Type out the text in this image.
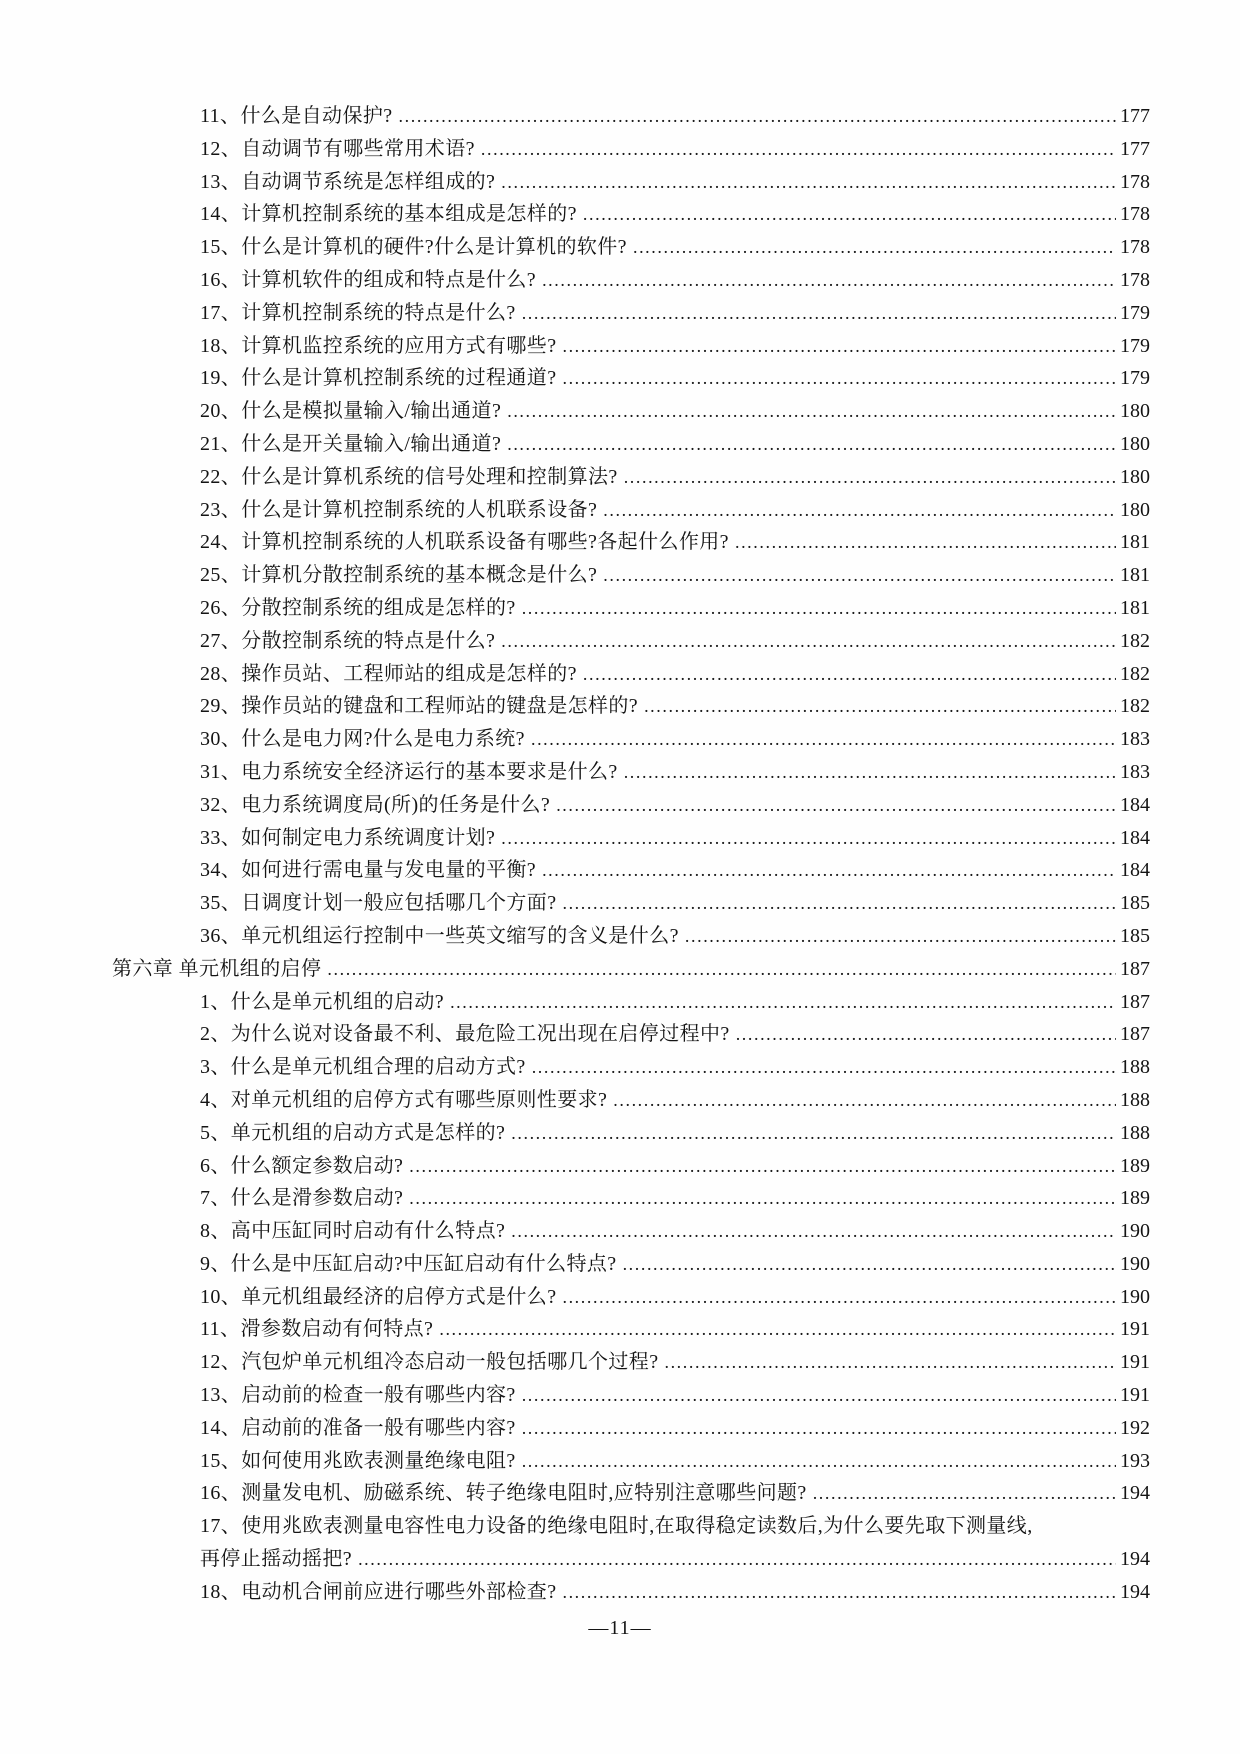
11、什么是自动保护? .....	177
12、自动调节有哪些常用术语? .....	177
13、自动调节系统是怎样组成的? .....	178
14、计算机控制系统的基本组成是怎样的? .....	178
15、什么是计算机的硬件?什么是计算机的软件? .....	178
16、计算机软件的组成和特点是什么? .....	178
17、计算机控制系统的特点是什么? .....	179
18、计算机监控系统的应用方式有哪些? .....	179
19、什么是计算机控制系统的过程通道? .....	179
20、什么是模拟量输入/输出通道? .....	180
21、什么是开关量输入/输出通道? .....	180
22、什么是计算机系统的信号处理和控制算法? .....	180
23、什么是计算机控制系统的人机联系设备? .....	180
24、计算机控制系统的人机联系设备有哪些?各起什么作用? .....	181
25、计算机分散控制系统的基本概念是什么? .....	181
26、分散控制系统的组成是怎样的? .....	181
27、分散控制系统的特点是什么? .....	182
28、操作员站、工程师站的组成是怎样的? .....	182
29、操作员站的键盘和工程师站的键盘是怎样的? .....	182
30、什么是电力网?什么是电力系统? .....	183
31、电力系统安全经济运行的基本要求是什么? .....	183
32、电力系统调度局(所)的任务是什么? .....	184
33、如何制定电力系统调度计划? .....	184
34、如何进行需电量与发电量的平衡? .....	184
35、日调度计划一般应包括哪几个方面? .....	185
36、单元机组运行控制中一些英文缩写的含义是什么? .....	185
第六章 单元机组的启停 .....	187
1、什么是单元机组的启动? .....	187
2、为什么说对设备最不利、最危险工况出现在启停过程中? .....	187
3、什么是单元机组合理的启动方式? .....	188
4、对单元机组的启停方式有哪些原则性要求? .....	188
5、单元机组的启动方式是怎样的? .....	188
6、什么额定参数启动? .....	189
7、什么是滑参数启动? .....	189
8、高中压缸同时启动有什么特点? .....	190
9、什么是中压缸启动?中压缸启动有什么特点? .....	190
10、单元机组最经济的启停方式是什么? .....	190
11、滑参数启动有何特点? .....	191
12、汽包炉单元机组冷态启动一般包括哪几个过程? .....	191
13、启动前的检查一般有哪些内容? .....	191
14、启动前的准备一般有哪些内容? .....	192
15、如何使用兆欧表测量绝缘电阻? .....	193
16、测量发电机、励磁系统、转子绝缘电阻时,应特别注意哪些问题? .....	194
17、使用兆欧表测量电容性电力设备的绝缘电阻时,在取得稳定读数后,为什么要先取下测量线,
再停止摇动摇把? .....	194
18、电动机合闸前应进行哪些外部检查? .....	194
—11—
